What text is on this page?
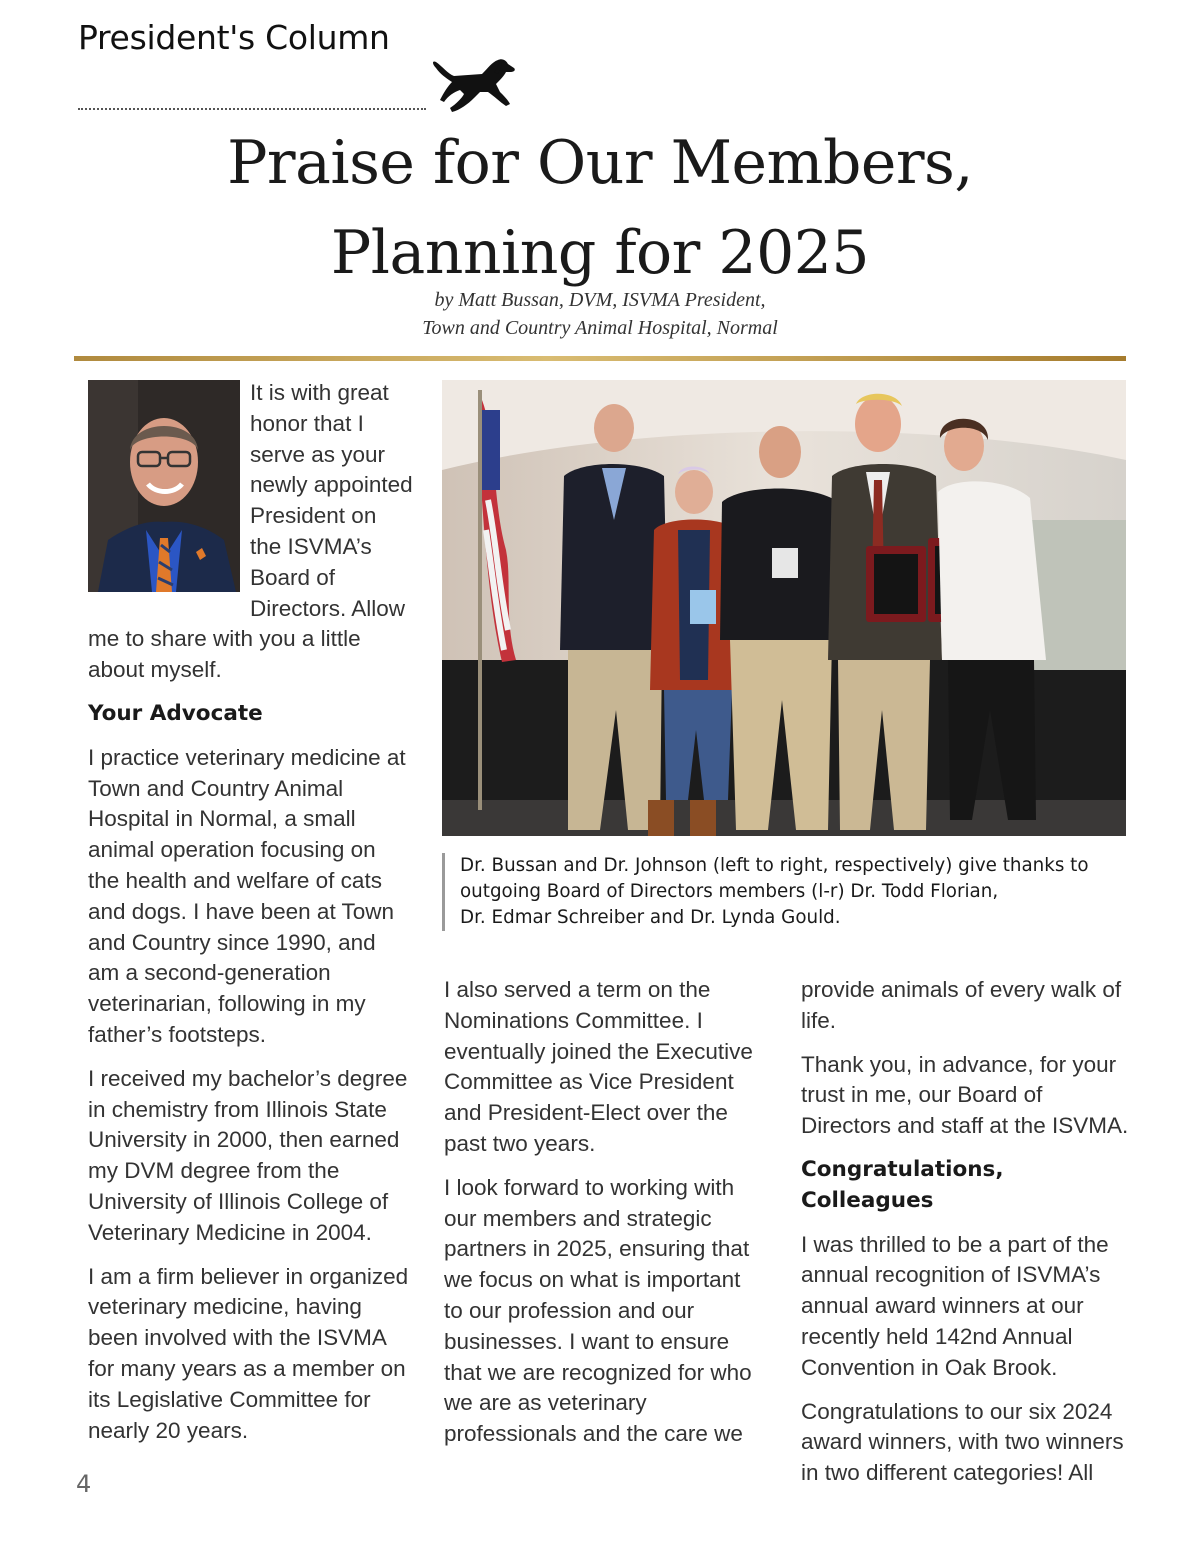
President's Column
Praise for Our Members,
Planning for 2025
by Matt Bussan, DVM, ISVMA President,
Town and Country Animal Hospital, Normal

It is with great honor that I serve as your newly appointed President on the ISVMA’s Board of Directors. Allow me to share with you a little about myself.

Your Advocate

I practice veterinary medicine at Town and Country Animal Hospital in Normal, a small animal operation focusing on the health and welfare of cats and dogs. I have been at Town and Country since 1990, and am a second-generation veterinarian, following in my father’s footsteps.

I received my bachelor’s degree in chemistry from Illinois State University in 2000, then earned my DVM degree from the University of Illinois College of Veterinary Medicine in 2004.

I am a firm believer in organized veterinary medicine, having been involved with the ISVMA for many years as a member on its Legislative Committee for nearly 20 years.

Dr. Bussan and Dr. Johnson (left to right, respectively) give thanks to
outgoing Board of Directors members (l-r) Dr. Todd Florian,
Dr. Edmar Schreiber and Dr. Lynda Gould.

I also served a term on the Nominations Committee. I eventually joined the Executive Committee as Vice President and President-Elect over the past two years.

I look forward to working with our members and strategic partners in 2025, ensuring that we focus on what is important to our profession and our businesses. I want to ensure that we are recognized for who we are as veterinary professionals and the care we

provide animals of every walk of life.

Thank you, in advance, for your trust in me, our Board of Directors and staff at the ISVMA.

Congratulations, Colleagues

I was thrilled to be a part of the annual recognition of ISVMA’s annual award winners at our recently held 142nd Annual Convention in Oak Brook.

Congratulations to our six 2024 award winners, with two winners in two different categories! All

4
